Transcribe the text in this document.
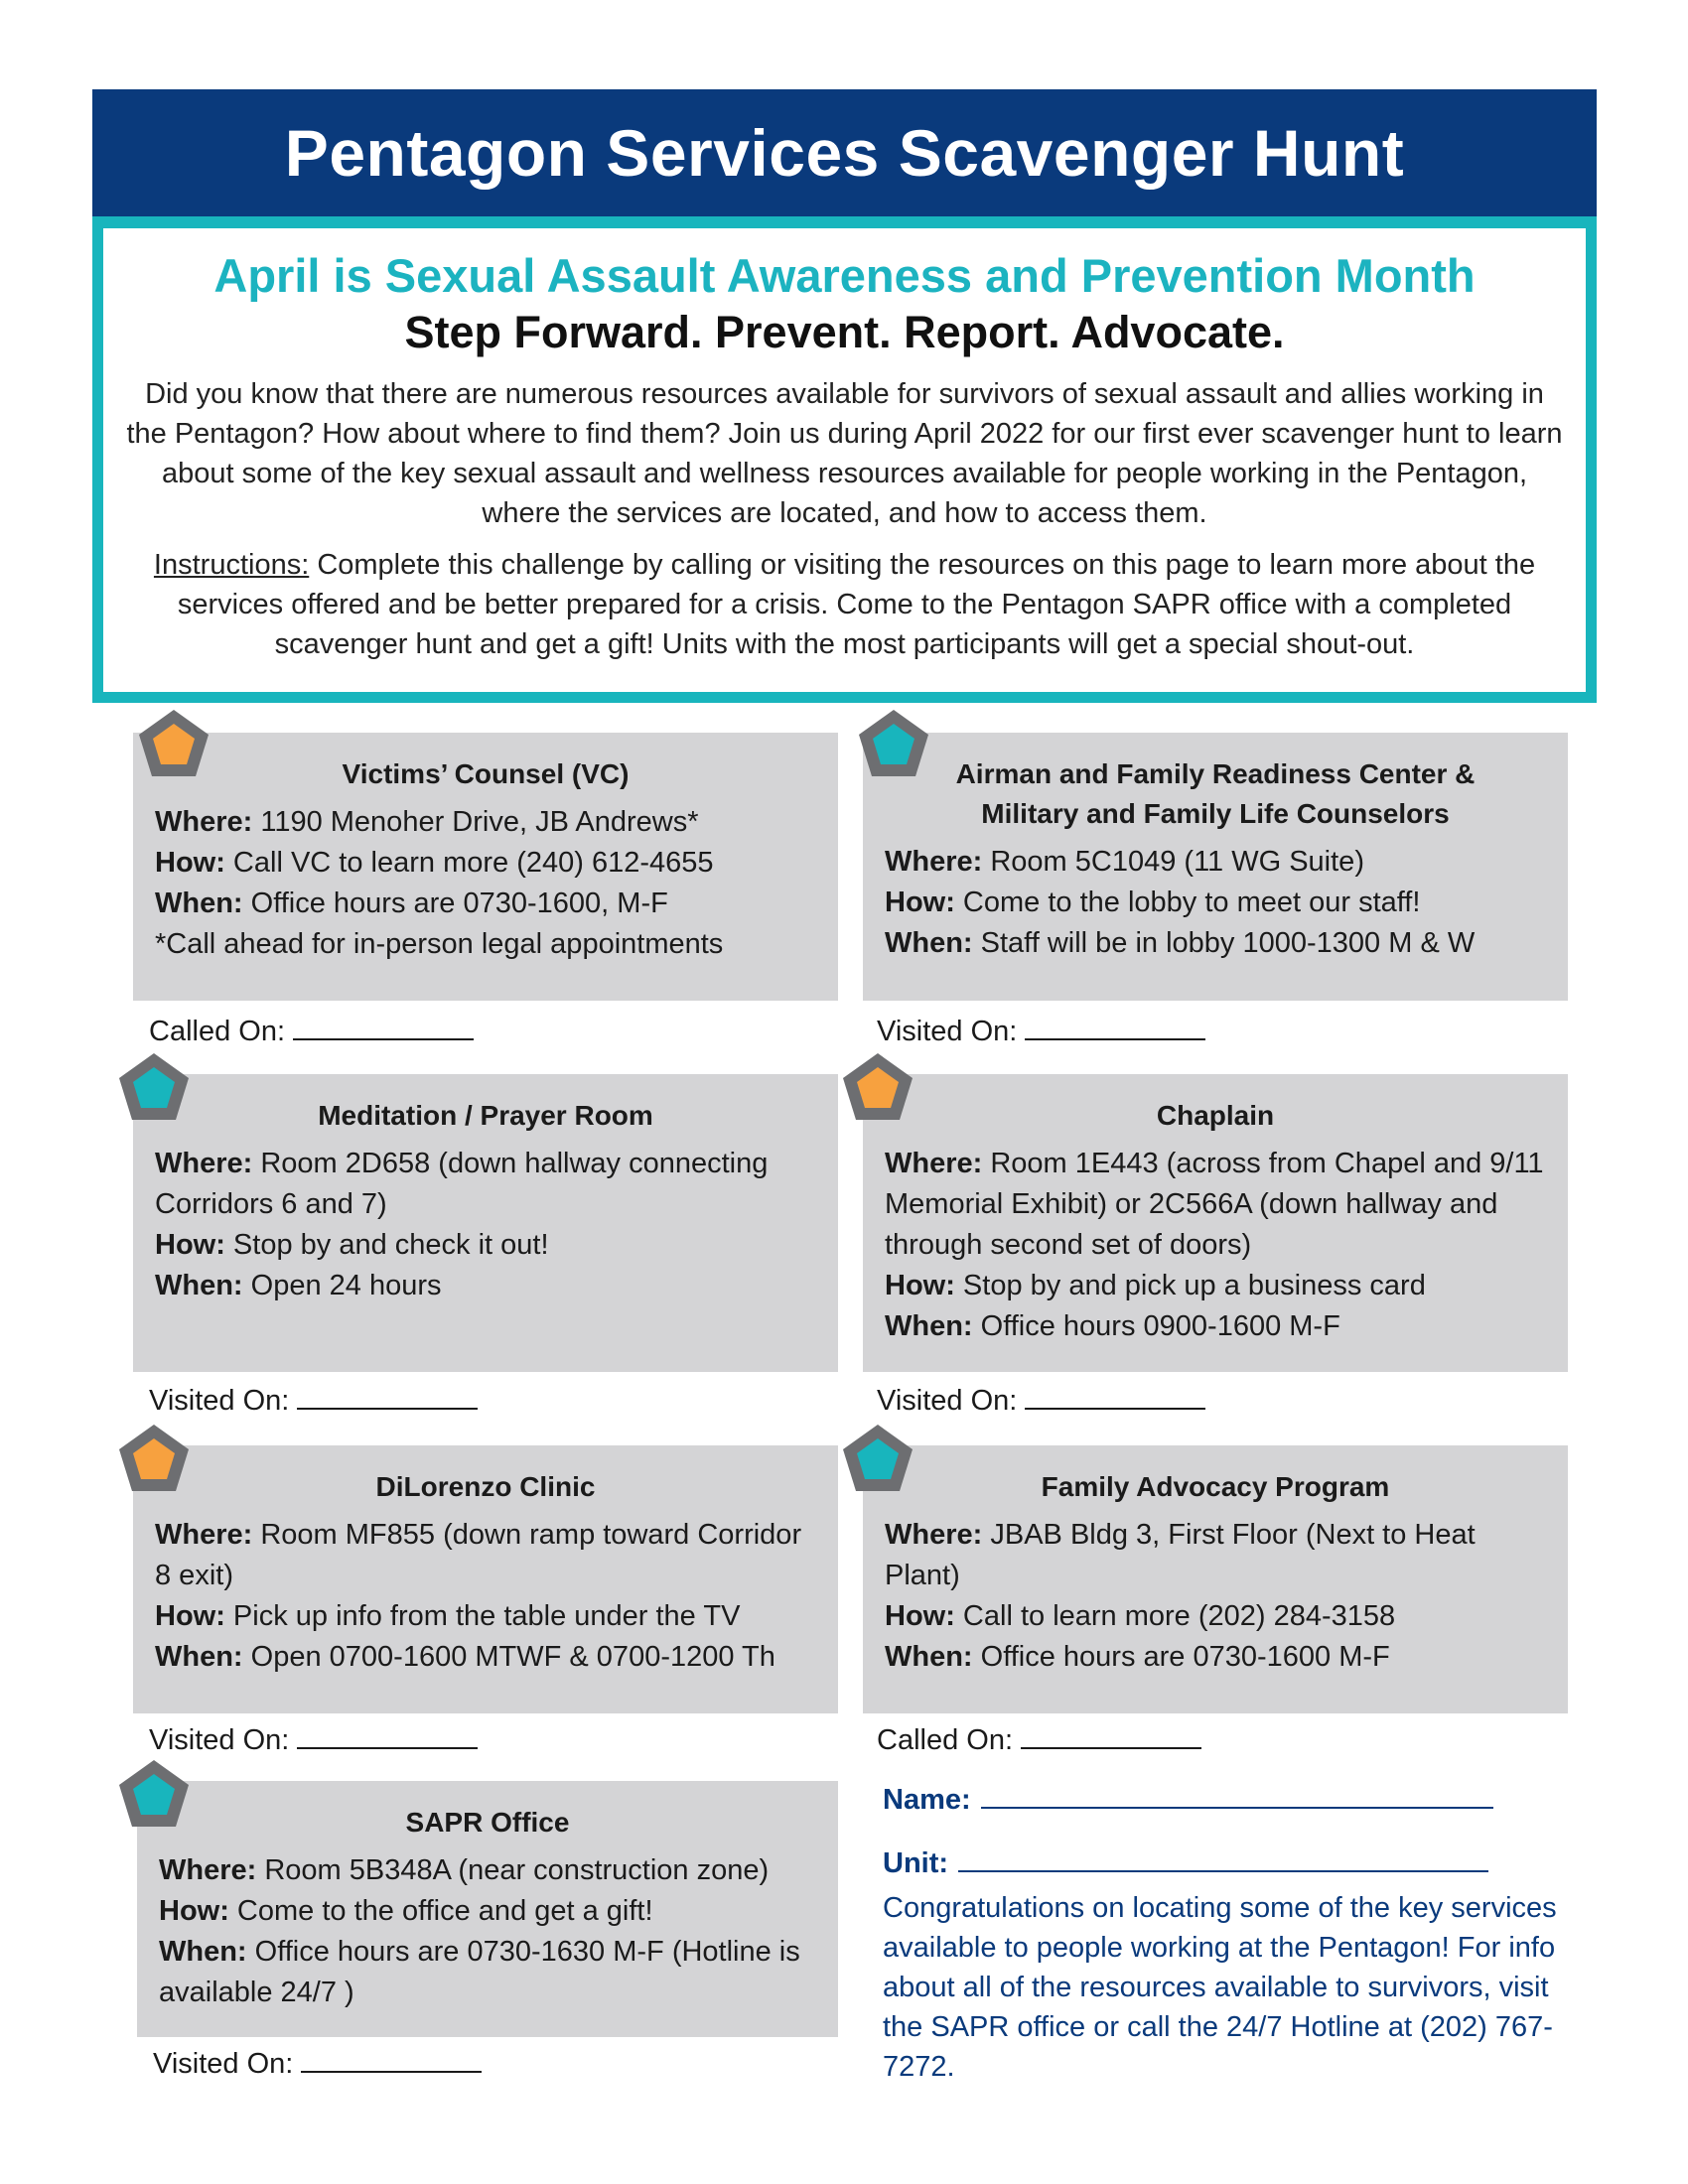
Pentagon Services Scavenger Hunt
April is Sexual Assault Awareness and Prevention Month
Step Forward. Prevent. Report. Advocate.

Did you know that there are numerous resources available for survivors of sexual assault and allies working in the Pentagon? How about where to find them? Join us during April 2022 for our first ever scavenger hunt to learn about some of the key sexual assault and wellness resources available for people working in the Pentagon, where the services are located, and how to access them.

Instructions: Complete this challenge by calling or visiting the resources on this page to learn more about the services offered and be better prepared for a crisis. Come to the Pentagon SAPR office with a completed scavenger hunt and get a gift! Units with the most participants will get a special shout-out.

Victims’ Counsel (VC)
Where: 1190 Menoher Drive, JB Andrews*
How: Call VC to learn more (240) 612-4655
When: Office hours are 0730-1600, M-F
*Call ahead for in-person legal appointments
Called On:
Airman and Family Readiness Center &
Military and Family Life Counselors
Where: Room 5C1049 (11 WG Suite)
How: Come to the lobby to meet our staff!
When: Staff will be in lobby 1000-1300 M & W
Visited On:
Meditation / Prayer Room
Where: Room 2D658 (down hallway connecting Corridors 6 and 7)
How: Stop by and check it out!
When: Open 24 hours
Visited On:
Chaplain
Where: Room 1E443 (across from Chapel and 9/11 Memorial Exhibit) or 2C566A (down hallway and through second set of doors)
How: Stop by and pick up a business card
When: Office hours 0900-1600 M-F
Visited On:
DiLorenzo Clinic
Where: Room MF855 (down ramp toward Corridor 8 exit)
How: Pick up info from the table under the TV
When: Open 0700-1600 MTWF & 0700-1200 Th
Visited On:
Family Advocacy Program
Where: JBAB Bldg 3, First Floor (Next to Heat Plant)
How: Call to learn more (202) 284-3158
When: Office hours are 0730-1600 M-F
Called On:
SAPR Office
Where: Room 5B348A (near construction zone)
How: Come to the office and get a gift!
When: Office hours are 0730-1630 M-F (Hotline is available 24/7 )
Visited On:
Name:
Unit:
Congratulations on locating some of the key services available to people working at the Pentagon! For info about all of the resources available to survivors, visit the SAPR office or call the 24/7 Hotline at (202) 767-7272.
